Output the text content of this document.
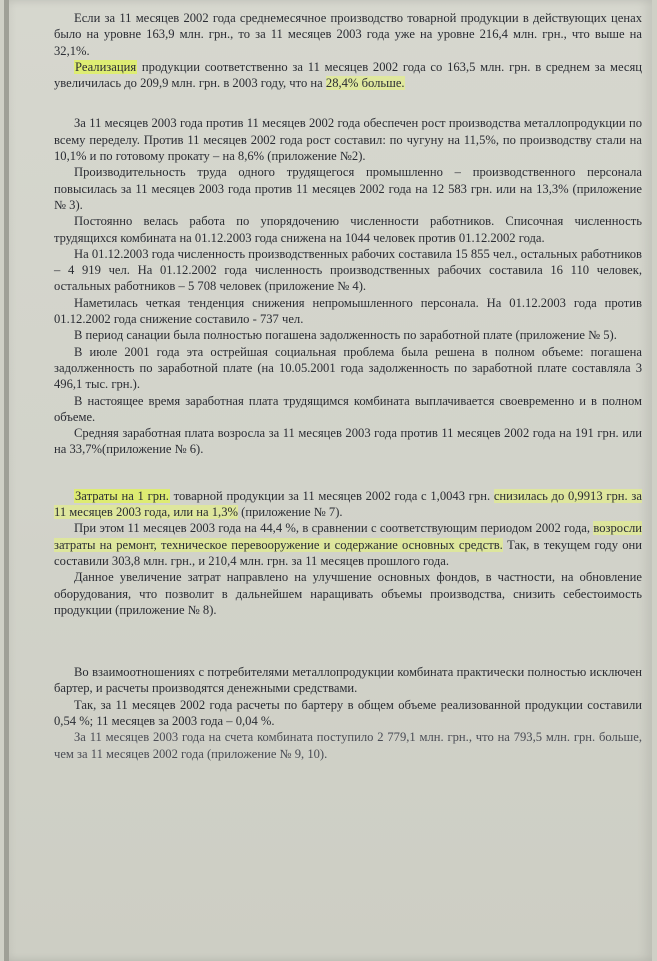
Если за 11 месяцев 2002 года среднемесячное производство товарной продукции в действующих ценах было на уровне 163,9 млн. грн., то за 11 месяцев 2003 года уже на уровне 216,4 млн. грн., что выше на 32,1%.

Реализация продукции соответственно за 11 месяцев 2002 года со 163,5 млн. грн. в среднем за месяц увеличилась до 209,9 млн. грн. в 2003 году, что на 28,4% больше.

За 11 месяцев 2003 года против 11 месяцев 2002 года обеспечен рост производства металлопродукции по всему переделу. Против 11 месяцев 2002 года рост составил: по чугуну на 11,5%, по производству стали на 10,1% и по готовому прокату – на 8,6% (приложение №2).

Производительность труда одного трудящегося промышленно – производственного персонала повысилась за 11 месяцев 2003 года против 11 месяцев 2002 года на 12 583 грн. или на 13,3% (приложение № 3).

Постоянно велась работа по упорядочению численности работников. Списочная численность трудящихся комбината на 01.12.2003 года снижена на 1044 человек против 01.12.2002 года.

На 01.12.2003 года численность производственных рабочих составила 15 855 чел., остальных работников – 4 919 чел. На 01.12.2002 года численность производственных рабочих составила 16 110 человек, остальных работников – 5 708 человек (приложение № 4).

Наметилась четкая тенденция снижения непромышленного персонала. На 01.12.2003 года против 01.12.2002 года снижение составило - 737 чел.

В период санации была полностью погашена задолженность по заработной плате (приложение № 5).

В июле 2001 года эта острейшая социальная проблема была решена в полном объеме: погашена задолженность по заработной плате (на 10.05.2001 года задолженность по заработной плате составляла 3 496,1 тыс. грн.).

В настоящее время заработная плата трудящимся комбината выплачивается своевременно и в полном объеме.

Средняя заработная плата возросла за 11 месяцев 2003 года против 11 месяцев 2002 года на 191 грн. или на 33,7%(приложение № 6).

Затраты на 1 грн. товарной продукции за 11 месяцев 2002 года с 1,0043 грн. снизилась до 0,9913 грн. за 11 месяцев 2003 года, или на 1,3% (приложение № 7).

При этом 11 месяцев 2003 года на 44,4 %, в сравнении с соответствующим периодом 2002 года, возросли затраты на ремонт, техническое перевооружение и содержание основных средств. Так, в текущем году они составили 303,8 млн. грн., и 210,4 млн. грн. за 11 месяцев прошлого года.

Данное увеличение затрат направлено на улучшение основных фондов, в частности, на обновление оборудования, что позволит в дальнейшем наращивать объемы производства, снизить себестоимость продукции (приложение № 8).

Во взаимоотношениях с потребителями металлопродукции комбината практически полностью исключен бартер, и расчеты производятся денежными средствами.

Так, за 11 месяцев 2002 года расчеты по бартеру в общем объеме реализованной продукции составили 0,54 %; 11 месяцев за 2003 года – 0,04 %.

За 11 месяцев 2003 года на счета комбината поступило 2 779,1 млн. грн., что на 793,5 млн. грн. больше, чем за 11 месяцев 2002 года (приложение № 9, 10).
